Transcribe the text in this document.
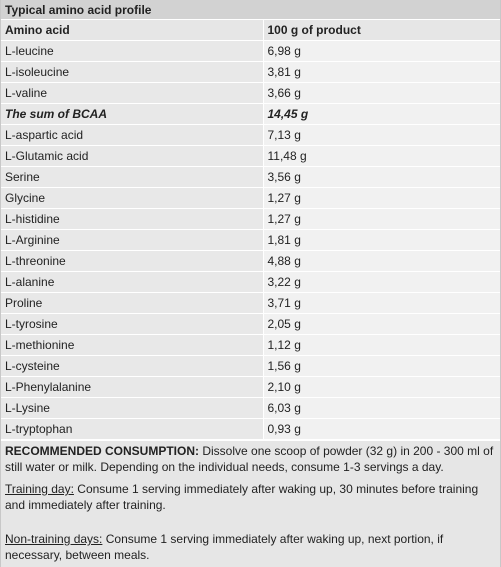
Typical amino acid profile	
Amino acid	100 g of product
L-leucine	6,98 g
L-isoleucine	3,81 g
L-valine	3,66 g
The sum of BCAA	14,45 g
L-aspartic acid	7,13 g
L-Glutamic acid	11,48 g
Serine	3,56 g
Glycine	1,27 g
L-histidine	1,27 g
L-Arginine	1,81 g
L-threonine	4,88 g
L-alanine	3,22 g
Proline	3,71 g
L-tyrosine	2,05 g
L-methionine	1,12 g
L-cysteine	1,56 g
L-Phenylalanine	2,10 g
L-Lysine	6,03 g
L-tryptophan	0,93 g

RECOMMENDED CONSUMPTION: Dissolve one scoop of powder (32 g) in 200 - 300 ml of still water or milk. Depending on the individual needs, consume 1-3 servings a day.

Training day: Consume 1 serving immediately after waking up, 30 minutes before training and immediately after training.

Non-training days: Consume 1 serving immediately after waking up, next portion, if necessary, between meals.
